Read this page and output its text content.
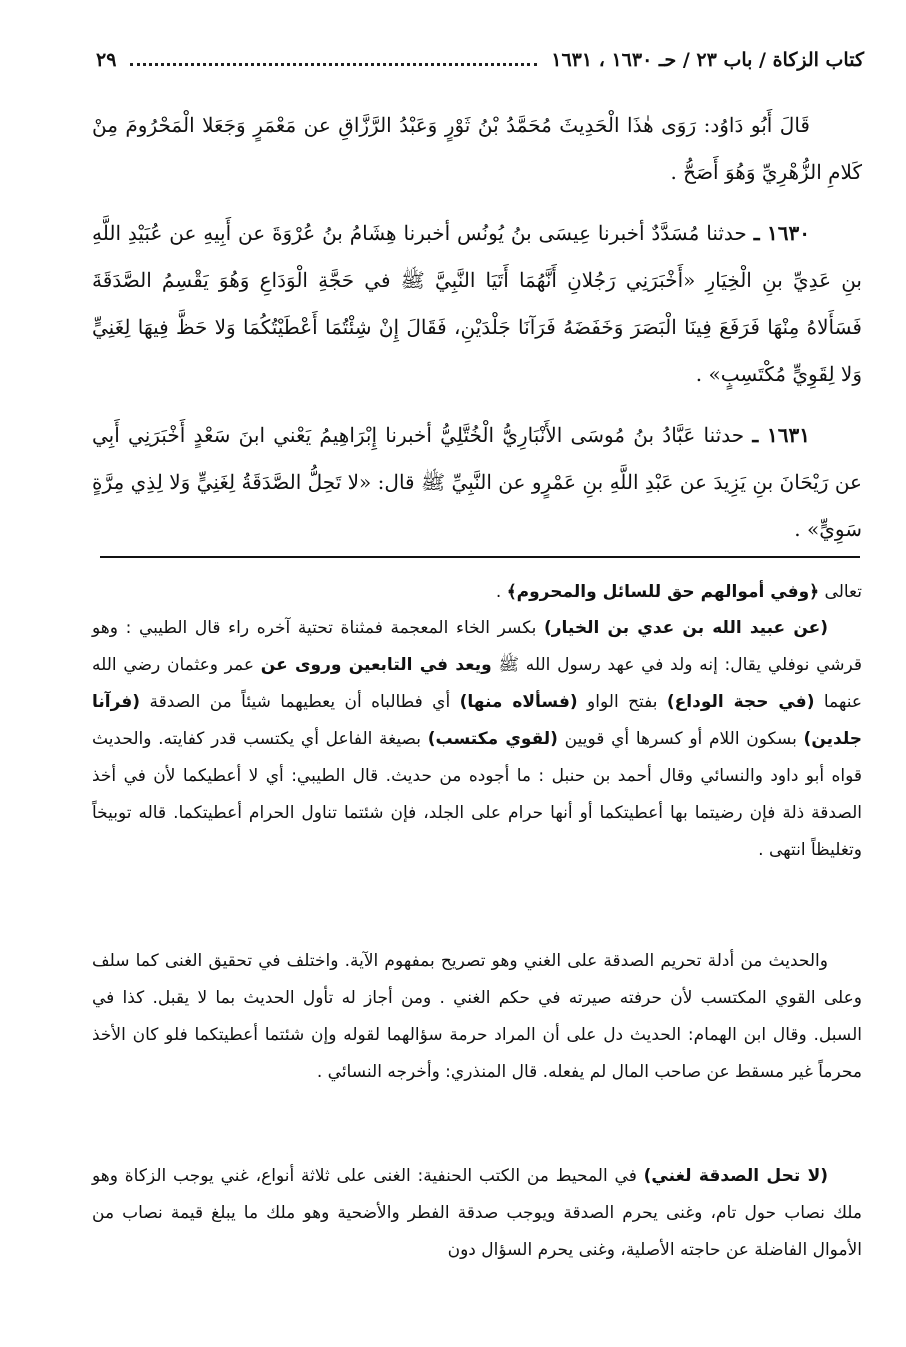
كتاب الزكاة / باب ٢٣ / حـ ١٦٣٠ ، ١٦٣١
٢٩

قَالَ أَبُو دَاوُد: رَوَى هٰذَا الْحَدِيثَ مُحَمَّدُ بْنُ ثَوْرٍ وَعَبْدُ الرَّزَّاقِ عن مَعْمَرٍ وَجَعَلا الْمَحْرُومَ مِنْ كَلامِ الزُّهْرِيِّ وَهُوَ أَصَحُّ .

١٦٣٠ ـ حدثنا مُسَدَّدٌ أخبرنا عِيسَى بنُ يُونُس أخبرنا هِشَامُ بنُ عُرْوَةَ عن أَبِيهِ عن عُبَيْدِ اللَّهِ بنِ عَدِيِّ بنِ الْخِيَارِ «أَخْبَرَنِي رَجُلانِ أَنَّهُمَا أَتَيَا النَّبِيَّ ﷺ في حَجَّةِ الْوَدَاعِ وَهُوَ يَقْسِمُ الصَّدَقَةَ فَسَأَلاهُ مِنْهَا فَرَفَعَ فِينَا الْبَصَرَ وَخَفَضَهُ فَرَآنَا جَلْدَيْنِ، فَقَالَ إِنْ شِئْتُمَا أَعْطَيْتُكُمَا وَلا حَظَّ فِيهَا لِغَنِيٍّ وَلا لِقَوِيٍّ مُكْتَسِبٍ» .

١٦٣١ ـ حدثنا عَبَّادُ بنُ مُوسَى الأَنْبَارِيُّ الْخُتَّلِيُّ أخبرنا إِبْرَاهِيمُ يَعْني ابنَ سَعْدٍ أَخْبَرَنِي أَبِي عن رَيْحَانَ بنِ يَزِيدَ عن عَبْدِ اللَّهِ بنِ عَمْرٍو عن النَّبِيِّ ﷺ قال: «لا تَحِلُّ الصَّدَقَةُ لِغَنِيٍّ وَلا لِذِي مِرَّةٍ سَوِيٍّ» .

تعالى ﴿وفي أموالهم حق للسائل والمحروم﴾ .

(عن عبيد الله بن عدي بن الخيار) بكسر الخاء المعجمة فمثناة تحتية آخره راء قال الطيبي : وهو قرشي نوفلي يقال: إنه ولد في عهد رسول الله ﷺ ويعد في التابعين وروى عن عمر وعثمان رضي الله عنهما (في حجة الوداع) بفتح الواو (فسألاه منها) أي فطالباه أن يعطيهما شيئاً من الصدقة (فرآنا جلدين) بسكون اللام أو كسرها أي قويين (لقوي مكتسب) بصيغة الفاعل أي يكتسب قدر كفايته. والحديث قواه أبو داود والنسائي وقال أحمد بن حنبل : ما أجوده من حديث. قال الطيبي: أي لا أعطيكما لأن في أخذ الصدقة ذلة فإن رضيتما بها أعطيتكما أو أنها حرام على الجلد، فإن شئتما تناول الحرام أعطيتكما. قاله توبيخاً وتغليظاً انتهى .

والحديث من أدلة تحريم الصدقة على الغني وهو تصريح بمفهوم الآية. واختلف في تحقيق الغنى كما سلف وعلى القوي المكتسب لأن حرفته صيرته في حكم الغني . ومن أجاز له تأول الحديث بما لا يقبل. كذا في السبل. وقال ابن الهمام: الحديث دل على أن المراد حرمة سؤالهما لقوله وإن شئتما أعطيتكما فلو كان الأخذ محرماً غير مسقط عن صاحب المال لم يفعله. قال المنذري: وأخرجه النسائي .

(لا تحل الصدقة لغني) في المحيط من الكتب الحنفية: الغنى على ثلاثة أنواع، غني يوجب الزكاة وهو ملك نصاب حول تام، وغنى يحرم الصدقة ويوجب صدقة الفطر والأضحية وهو ملك ما يبلغ قيمة نصاب من الأموال الفاضلة عن حاجته الأصلية، وغنى يحرم السؤال دون
